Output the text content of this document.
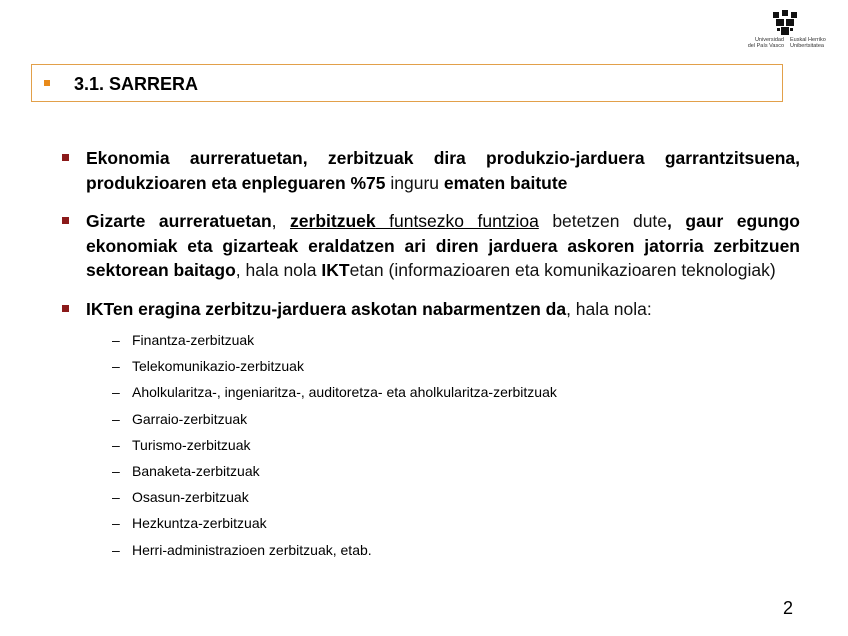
Universidad
del País Vasco
Euskal Herriko
Unibertsitatea
3.1. SARRERA

Ekonomia aurreratuetan, zerbitzuak dira produkzio-jarduera garrantzitsuena, produkzioaren eta enpleguaren %75 inguru ematen baitute

Gizarte aurreratuetan, zerbitzuek funtsezko funtzioa betetzen dute, gaur egungo ekonomiak eta gizarteak eraldatzen ari diren jarduera askoren jatorria zerbitzuen sektorean baitago, hala nola IKTetan (informazioaren eta komunikazioaren teknologiak)

IKTen eragina zerbitzu-jarduera askotan nabarmentzen da, hala nola:

– Finantza-zerbitzuak
– Telekomunikazio-zerbitzuak
– Aholkularitza-, ingeniaritza-, auditoretza- eta aholkularitza-zerbitzuak
– Garraio-zerbitzuak
– Turismo-zerbitzuak
– Banaketa-zerbitzuak
– Osasun-zerbitzuak
– Hezkuntza-zerbitzuak
– Herri-administrazioen zerbitzuak, etab.
2
